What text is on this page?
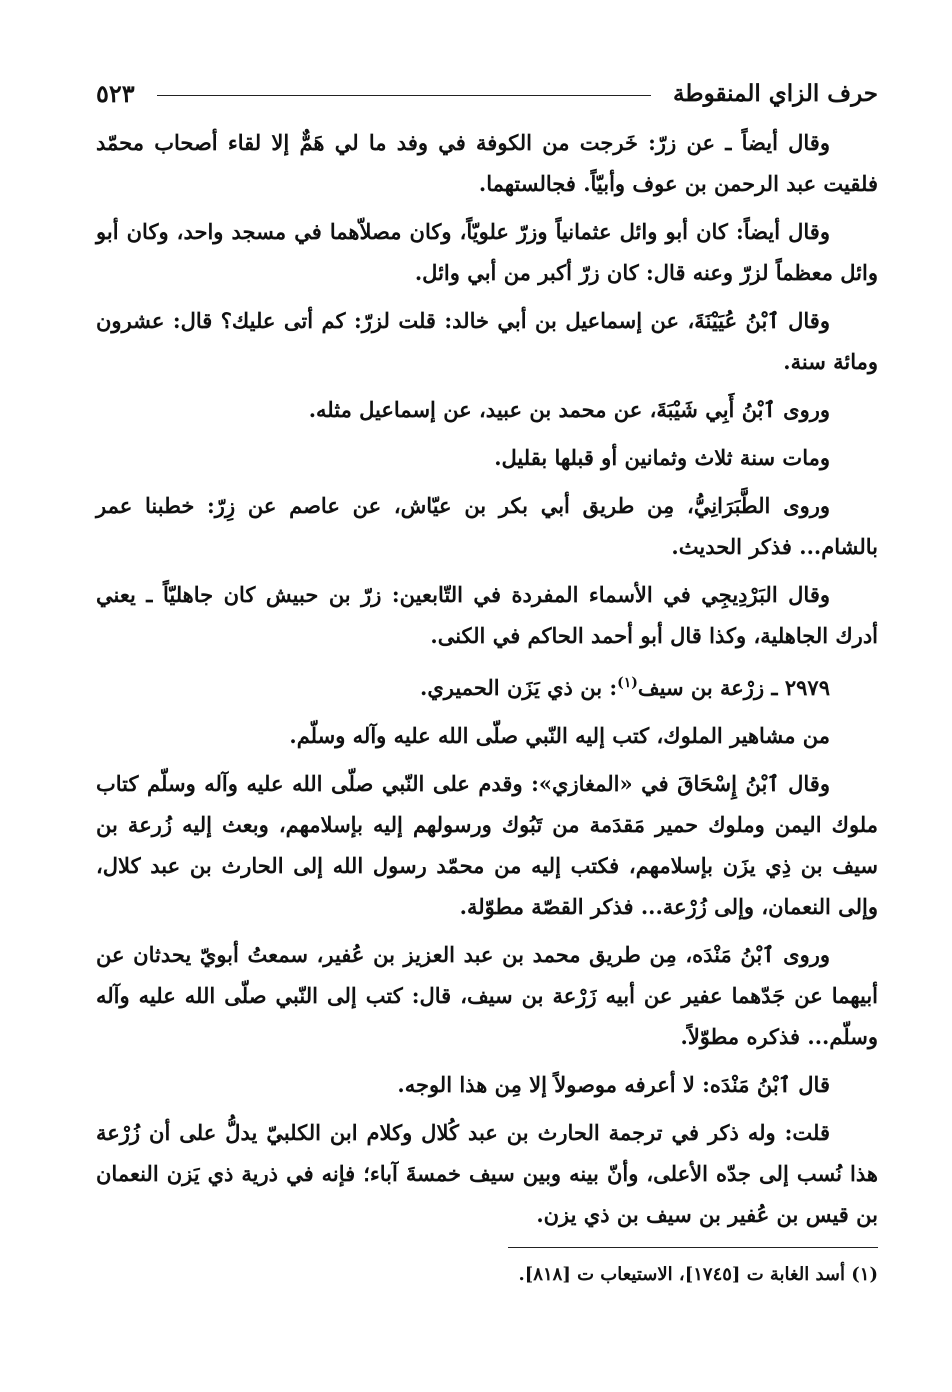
حرف الزاي المنقوطة
٥٢٣

وقال أيضاً ـ عن زرّ: خَرجت من الكوفة في وفد ما لي هَمٌّ إلا لقاء أصحاب محمّد فلقيت عبد الرحمن بن عوف وأبيّاً. فجالستهما.

وقال أيضاً: كان أبو وائل عثمانياً وزرّ علويّاً، وكان مصلاّهما في مسجد واحد، وكان أبو وائل معظماً لزرّ وعنه قال: كان زرّ أكبر من أبي وائل.

وقال ٱبْنُ عُيَيْنَةَ، عن إسماعيل بن أبي خالد: قلت لزرّ: كم أتى عليك؟ قال: عشرون ومائة سنة.

وروى ٱبْنُ أَبِي شَيْبَةَ، عن محمد بن عبيد، عن إسماعيل مثله.

ومات سنة ثلاث وثمانين أو قبلها بقليل.

وروى الطَّبَرَانِيُّ، مِن طريق أبي بكر بن عيّاش، عن عاصم عن زِرّ: خطبنا عمر بالشام... فذكر الحديث.

وقال البَرْدِيجِي في الأسماء المفردة في التّابعين: زرّ بن حبيش كان جاهليّاً ـ يعني أدرك الجاهلية، وكذا قال أبو أحمد الحاكم في الكنى.

٢٩٧٩ ـ زرْعة بن سيف$^{(١)}$: بن ذي يَزَن الحميري.

من مشاهير الملوك، كتب إليه النّبي صلّى الله عليه وآله وسلّم.

وقال ٱبْنُ إِسْحَاقَ في «المغازي»: وقدم على النّبي صلّى الله عليه وآله وسلّم كتاب ملوك اليمن وملوك حمير مَقدَمة من تَبُوك ورسولهم إليه بإسلامهم، وبعث إليه زُرعة بن سيف بن ذِي يزَن بإسلامهم، فكتب إليه من محمّد رسول الله إلى الحارث بن عبد كلال، وإلى النعمان، وإلى زُرْعة... فذكر القصّة مطوّلة.

وروى ٱبْنُ مَنْدَه، مِن طريق محمد بن عبد العزيز بن عُفير، سمعتُ أبويّ يحدثان عن أبيهما عن جَدّهما عفير عن أبيه زَرْعة بن سيف، قال: كتب إلى النّبي صلّى الله عليه وآله وسلّم... فذكره مطوّلاً.

قال ٱبْنُ مَنْدَه: لا أعرفه موصولاً إلا مِن هذا الوجه.

قلت: وله ذكر في ترجمة الحارث بن عبد كُلال وكلام ابن الكلبيّ يدلُّ على أن زُرْعة هذا نُسب إلى جدّه الأعلى، وأنّ بينه وبين سيف خمسةَ آباء؛ فإنه في ذرية ذي يَزن النعمان بن قيس بن عُفير بن سيف بن ذي يزن.

(١) أسد الغابة ت [١٧٤٥]، الاستيعاب ت [٨١٨].
